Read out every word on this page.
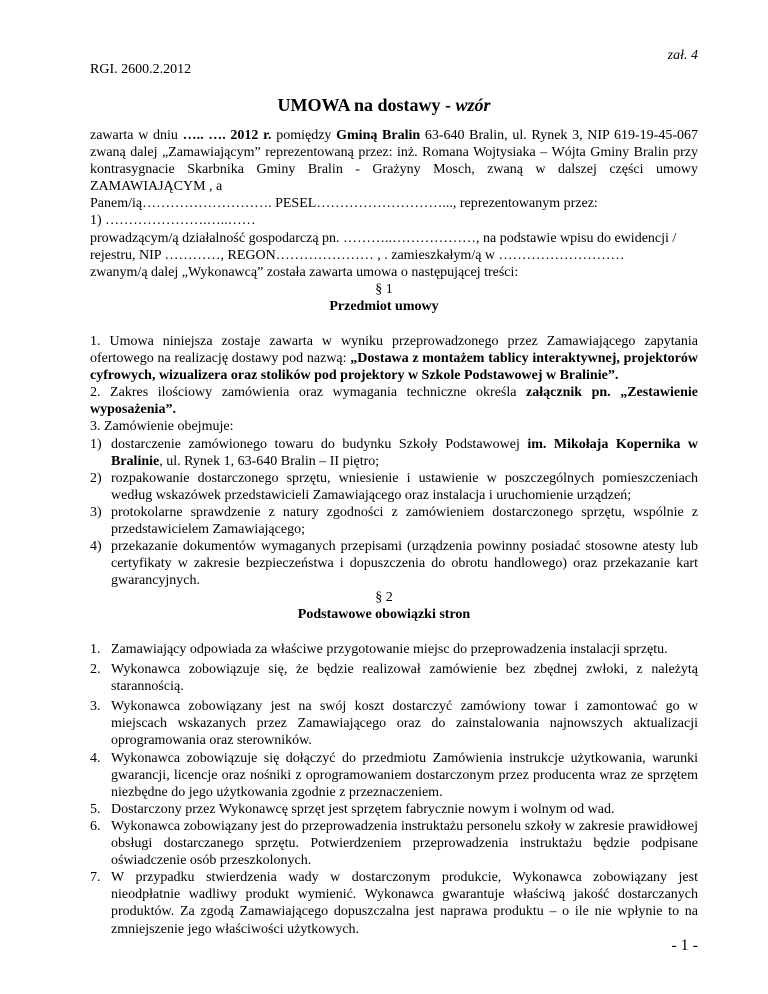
zał. 4
RGI. 2600.2.2012
UMOWA na dostawy - wzór
zawarta w dniu ….. …. 2012 r. pomiędzy Gminą Bralin 63-640 Bralin, ul. Rynek 3, NIP 619-19-45-067 zwaną dalej „Zamawiającym” reprezentowaną przez: inż. Romana Wojtysiaka – Wójta Gminy Bralin przy kontrasygnacie Skarbnika Gminy Bralin - Grażyny Mosch, zwaną w dalszej części umowy ZAMAWIAJĄCYM , a
Panem/ią………………………. PESEL………………………..., reprezentowanym przez:
1) ………………….…..……
prowadzącym/ą działalność gospodarczą pn. ………..………………, na podstawie wpisu do ewidencji /
rejestru, NIP …………, REGON………………… , . zamieszkałym/ą w ………………………
zwanym/ą dalej „Wykonawcą” została zawarta umowa o następującej treści:
§ 1
Przedmiot umowy
1. Umowa niniejsza zostaje zawarta w wyniku przeprowadzonego przez Zamawiającego zapytania ofertowego na realizację dostawy pod nazwą: „Dostawa z montażem tablicy interaktywnej, projektorów cyfrowych, wizualizera oraz stolików pod projektory w Szkole Podstawowej w Bralinie”.
2. Zakres ilościowy zamówienia oraz wymagania techniczne określa załącznik pn. „Zestawienie wyposażenia”.
3. Zamówienie obejmuje:
1) dostarczenie zamówionego towaru do budynku Szkoły Podstawowej im. Mikołaja Kopernika w Bralinie, ul. Rynek 1, 63-640 Bralin – II piętro;
2) rozpakowanie dostarczonego sprzętu, wniesienie i ustawienie w poszczególnych pomieszczeniach według wskazówek przedstawicieli Zamawiającego oraz instalacja i uruchomienie urządzeń;
3) protokolarne sprawdzenie z natury zgodności z zamówieniem dostarczonego sprzętu, wspólnie z przedstawicielem Zamawiającego;
4) przekazanie dokumentów wymaganych przepisami (urządzenia powinny posiadać stosowne atesty lub certyfikaty w zakresie bezpieczeństwa i dopuszczenia do obrotu handlowego) oraz przekazanie kart gwarancyjnych.
§ 2
Podstawowe obowiązki stron
1. Zamawiający odpowiada za właściwe przygotowanie miejsc do przeprowadzenia instalacji sprzętu.
2. Wykonawca zobowiązuje się, że będzie realizował zamówienie bez zbędnej zwłoki, z należytą starannością.
3. Wykonawca zobowiązany jest na swój koszt dostarczyć zamówiony towar i zamontować go w miejscach wskazanych przez Zamawiającego oraz do zainstalowania najnowszych aktualizacji oprogramowania oraz sterowników.
4. Wykonawca zobowiązuje się dołączyć do przedmiotu Zamówienia instrukcje użytkowania, warunki gwarancji, licencje oraz nośniki z oprogramowaniem dostarczonym przez producenta wraz ze sprzętem niezbędne do jego użytkowania zgodnie z przeznaczeniem.
5. Dostarczony przez Wykonawcę sprzęt jest sprzętem fabrycznie nowym i wolnym od wad.
6. Wykonawca zobowiązany jest do przeprowadzenia instruktażu personelu szkoły w zakresie prawidłowej obsługi dostarczanego sprzętu. Potwierdzeniem przeprowadzenia instruktażu będzie podpisane oświadczenie osób przeszkolonych.
7. W przypadku stwierdzenia wady w dostarczonym produkcie, Wykonawca zobowiązany jest nieodpłatnie wadliwy produkt wymienić. Wykonawca gwarantuje właściwą jakość dostarczanych produktów. Za zgodą Zamawiającego dopuszczalna jest naprawa produktu – o ile nie wpłynie to na zmniejszenie jego właściwości użytkowych.
- 1 -
